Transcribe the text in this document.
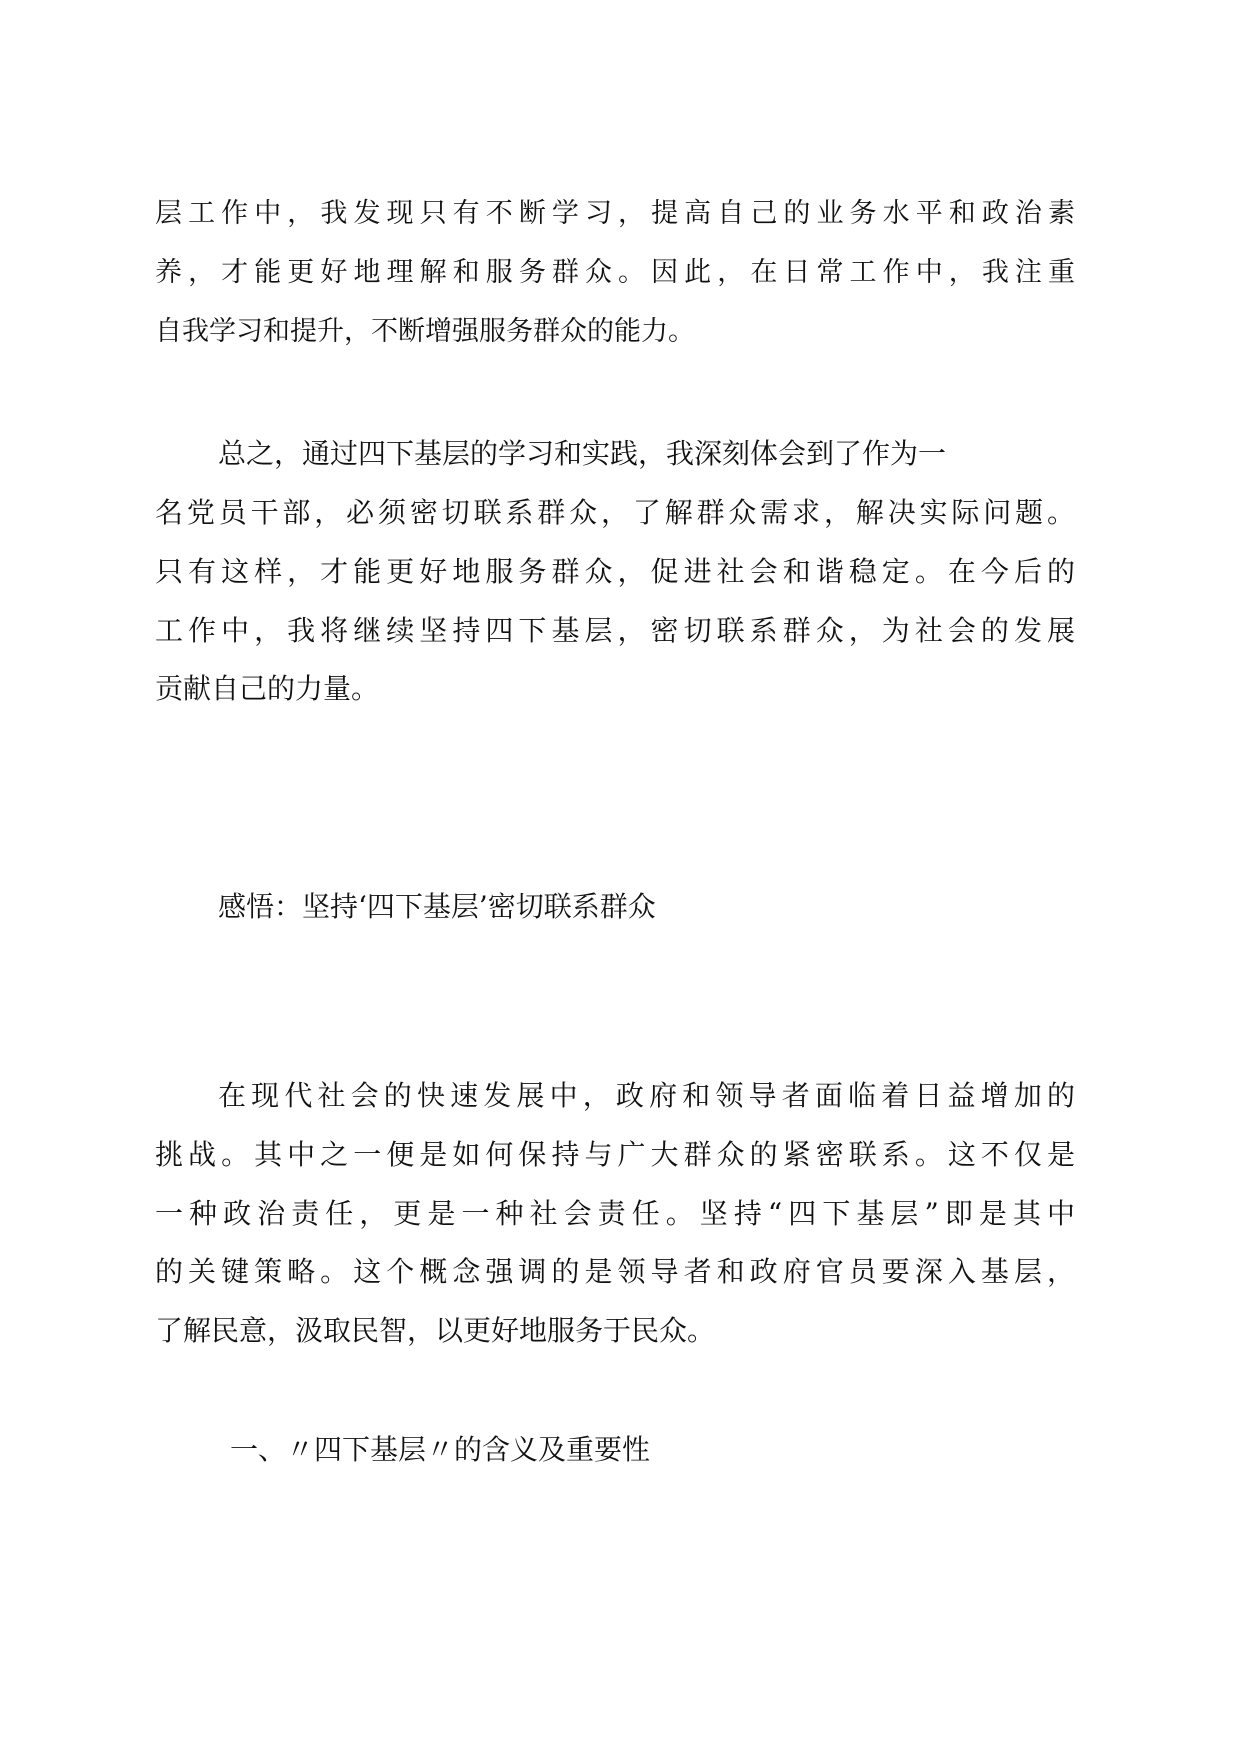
层工作中，我发现只有不断学习，提高自己的业务水平和政治素

养，才能更好地理解和服务群众。因此，在日常工作中，我注重

自我学习和提升，不断增强服务群众的能力。

总之，通过四下基层的学习和实践，我深刻体会到了作为一

名党员干部，必须密切联系群众，了解群众需求，解决实际问题。

只有这样，才能更好地服务群众，促进社会和谐稳定。在今后的

工作中，我将继续坚持四下基层，密切联系群众，为社会的发展

贡献自己的力量。

感悟：坚持‘四下基层’密切联系群众

在现代社会的快速发展中，政府和领导者面临着日益增加的

挑战。其中之一便是如何保持与广大群众的紧密联系。这不仅是

一种政治责任，更是一种社会责任。坚持“四下基层”即是其中

的关键策略。这个概念强调的是领导者和政府官员要深入基层，

了解民意，汲取民智，以更好地服务于民众。

一、〃四下基层〃的含义及重要性
